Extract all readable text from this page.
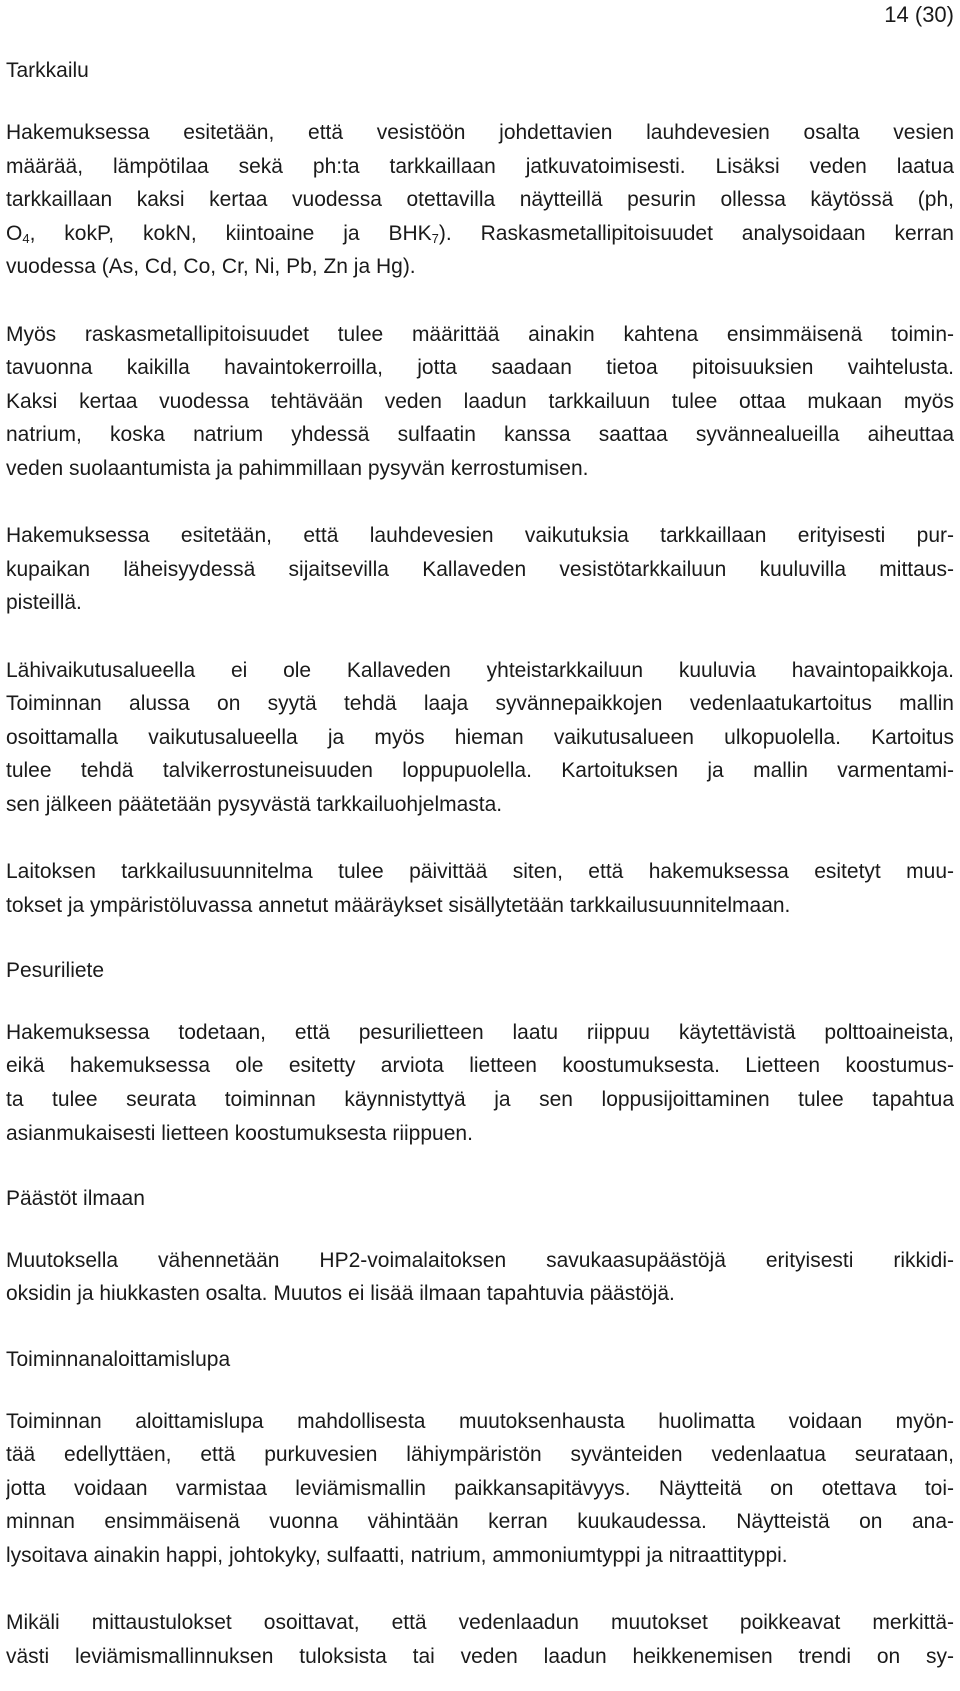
14 (30)
Tarkkailu
Hakemuksessa esitetään, että vesistöön johdettavien lauhdevesien osalta vesien
määrää, lämpötilaa sekä ph:ta tarkkaillaan jatkuvatoimisesti. Lisäksi veden laatua
tarkkaillaan kaksi kertaa vuodessa otettavilla näytteillä pesurin ollessa käytössä (ph,
$O_4$, kokP, kokN, kiintoaine ja $BHK_7$). Raskasmetallipitoisuudet analysoidaan kerran
vuodessa (As, Cd, Co, Cr, Ni, Pb, Zn ja Hg).
Myös raskasmetallipitoisuudet tulee määrittää ainakin kahtena ensimmäisenä toimin-
tavuonna kaikilla havaintokerroilla, jotta saadaan tietoa pitoisuuksien vaihtelusta.
Kaksi kertaa vuodessa tehtävään veden laadun tarkkailuun tulee ottaa mukaan myös
natrium, koska natrium yhdessä sulfaatin kanssa saattaa syvännealueilla aiheuttaa
veden suolaantumista ja pahimmillaan pysyvän kerrostumisen.
Hakemuksessa esitetään, että lauhdevesien vaikutuksia tarkkaillaan erityisesti pur-
kupaikan läheisyydessä sijaitsevilla Kallaveden vesistötarkkailuun kuuluvilla mittaus-
pisteillä.
Lähivaikutusalueella ei ole Kallaveden yhteistarkkailuun kuuluvia havaintopaikkoja.
Toiminnan alussa on syytä tehdä laaja syvännepaikkojen vedenlaatukartoitus mallin
osoittamalla vaikutusalueella ja myös hieman vaikutusalueen ulkopuolella. Kartoitus
tulee tehdä talvikerrostuneisuuden loppupuolella. Kartoituksen ja mallin varmentami-
sen jälkeen päätetään pysyvästä tarkkailuohjelmasta.
Laitoksen tarkkailusuunnitelma tulee päivittää siten, että hakemuksessa esitetyt muu-
tokset ja ympäristöluvassa annetut määräykset sisällytetään tarkkailusuunnitelmaan.
Pesuriliete
Hakemuksessa todetaan, että pesurilietteen laatu riippuu käytettävistä polttoaineista,
eikä hakemuksessa ole esitetty arviota lietteen koostumuksesta. Lietteen koostumus-
ta tulee seurata toiminnan käynnistyttyä ja sen loppusijoittaminen tulee tapahtua
asianmukaisesti lietteen koostumuksesta riippuen.
Päästöt ilmaan
Muutoksella vähennetään HP2-voimalaitoksen savukaasupäästöjä erityisesti rikkidi-
oksidin ja hiukkasten osalta. Muutos ei lisää ilmaan tapahtuvia päästöjä.
Toiminnanaloittamislupa
Toiminnan aloittamislupa mahdollisesta muutoksenhausta huolimatta voidaan myön-
tää edellyttäen, että purkuvesien lähiympäristön syvänteiden vedenlaatua seurataan,
jotta voidaan varmistaa leviämismallin paikkansapitävyys. Näytteitä on otettava toi-
minnan ensimmäisenä vuonna vähintään kerran kuukaudessa. Näytteistä on ana-
lysoitava ainakin happi, johtokyky, sulfaatti, natrium, ammoniumtyppi ja nitraattityppi.
Mikäli mittaustulokset osoittavat, että vedenlaadun muutokset poikkeavat merkittä-
västi leviämismallinnuksen tuloksista tai veden laadun heikkenemisen trendi on sy-
